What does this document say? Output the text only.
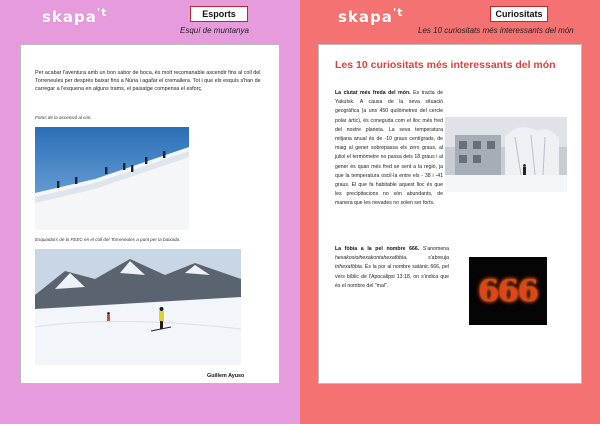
skapa$^{'t}$	Esports
Esquí de muntanya

Per acabar l'aventura amb un bon sabor de boca, és molt recomanable ascendir fins al coll del Torreneules per després baixar fins a Núria i agafar el cremallera. Tot i que els esquís s'han de carregar a l'esquena en alguns trams, el paisatge compensa el esforç.

Fotos de la ascensió al cim.

Esquiadors de la FEEC en el coll del Torreneules a punt per la baixada.

Guillem Ayuso

skapa$^{'t}$	Curiositats
Les 10 curiositats més interessants del món
Les 10 curiositats més interessants del món
La ciutat més freda del món. Es tracta de Yakutsk. A causa de la seva situació geogràfica (a uns 450 quilòmetres del cercle polar àrtic), és coneguda com el lloc més fred del nostre planeta. La seva temperatura mitjana anual és de -10 graus centígrads, de maig al gener sobrepassa els zero graus, al juliol el termòmetre no passa dels 18 graus i al gener és quan més fred se sent a la regió, ja que la temperatura oscil·la entre els - 38 i -41 graus. El que fa habitable aquest lloc és que les precipitacions no són abundants, de manera que les nevades no solen ser forts.
La fòbia a la pel nombre 666. S'anomena hexakosioihexakontahexafòbia, s'abreuja trihexafòbia. És la por al nombre satànic 666, pel vers bíblic de l'Apocalipsi 13:18, on s'indica que és el nombre del "mal".	666
